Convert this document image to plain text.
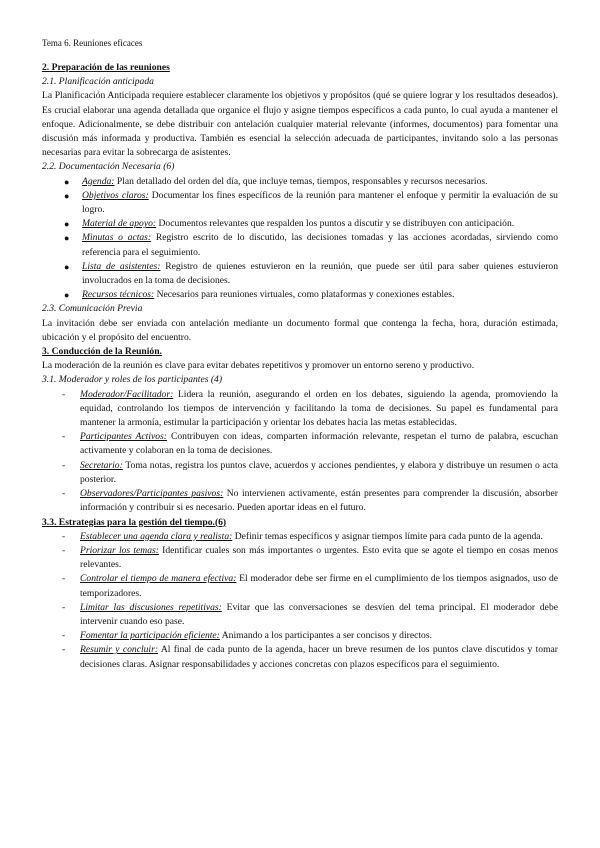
Tema 6. Reuniones eficaces
2. Preparación de las reuniones
2.1. Planificación anticipada
La Planificación Anticipada requiere establecer claramente los objetivos y propósitos (qué se quiere lograr y los resultados deseados). Es crucial elaborar una agenda detallada que organice el flujo y asigne tiempos específicos a cada punto, lo cual ayuda a mantener el enfoque. Adicionalmente, se debe distribuir con antelación cualquier material relevante (informes, documentos) para fomentar una discusión más informada y productiva. También es esencial la selección adecuada de participantes, invitando solo a las personas necesarias para evitar la sobrecarga de asistentes.
2.2. Documentación Necesaria (6)
● Agenda: Plan detallado del orden del día, que incluye temas, tiempos, responsables y recursos necesarios.
● Objetivos claros: Documentar los fines específicos de la reunión para mantener el enfoque y permitir la evaluación de su logro.
● Material de apoyo: Documentos relevantes que respalden los puntos a discutir y se distribuyen con anticipación.
● Minutas o actas: Registro escrito de lo discutido, las decisiones tomadas y las acciones acordadas, sirviendo como referencia para el seguimiento.
● Lista de asistentes: Registro de quienes estuvieron en la reunión, que puede ser útil para saber quienes estuvieron involucrados en la toma de decisiones.
● Recursos técnicos: Necesarios para reuniones virtuales, como plataformas y conexiones estables.
2.3. Comunicación Previa
La invitación debe ser enviada con antelación mediante un documento formal que contenga la fecha, hora, duración estimada, ubicación y el propósito del encuentro.
3. Conducción de la Reunión.
La moderación de la reunión es clave para evitar debates repetitivos y promover un entorno sereno y productivo.
3.1. Moderador y roles de los participantes (4)
- Moderador/Facilitador: Lidera la reunión, asegurando el orden en los debates, siguiendo la agenda, promoviendo la equidad, controlando los tiempos de intervención y facilitando la toma de decisiones. Su papel es fundamental para mantener la armonía, estimular la participación y orientar los debates hacia las metas establecidas.
- Participantes Activos: Contribuyen con ideas, comparten información relevante, respetan el turno de palabra, escuchan activamente y colaboran en la toma de decisiones.
- Secretario: Toma notas, registra los puntos clave, acuerdos y acciones pendientes, y elabora y distribuye un resumen o acta posterior.
- Observadores/Participantes pasivos: No intervienen activamente, están presentes para comprender la discusión, absorber información y contribuir si es necesario. Pueden aportar ideas en el futuro.
3.3. Estrategias para la gestión del tiempo.(6)
- Establecer una agenda clara y realista: Definir temas específicos y asignar tiempos límite para cada punto de la agenda.
- Priorizar los temas: Identificar cuales son más importantes o urgentes. Esto evita que se agote el tiempo en cosas menos relevantes.
- Controlar el tiempo de manera efectiva: El moderador debe ser firme en el cumplimiento de los tiempos asignados, uso de temporizadores.
- Limitar las discusiones repetitivas: Evitar que las conversaciones se desvíen del tema principal. El moderador debe intervenir cuando eso pase.
- Fomentar la participación eficiente: Animando a los participantes a ser concisos y directos.
- Resumir y concluir: Al final de cada punto de la agenda, hacer un breve resumen de los puntos clave discutidos y tomar decisiones claras. Asignar responsabilidades y acciones concretas con plazos específicos para el seguimiento.
